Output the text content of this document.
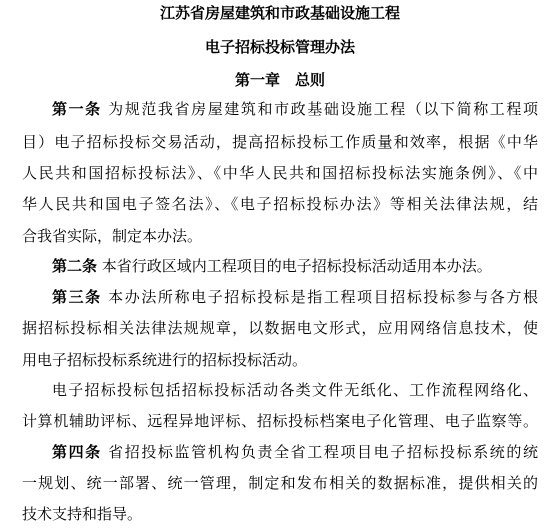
江苏省房屋建筑和市政基础设施工程
电子招标投标管理办法
第一章　总则
第一条 为规范我省房屋建筑和市政基础设施工程（以下简称工程项
目）电子招标投标交易活动，提高招标投标工作质量和效率，根据《中华
人民共和国招标投标法》、《中华人民共和国招标投标法实施条例》、《中
华人民共和国电子签名法》、《电子招标投标办法》等相关法律法规，结
合我省实际，制定本办法。
第二条 本省行政区域内工程项目的电子招标投标活动适用本办法。
第三条 本办法所称电子招标投标是指工程项目招标投标参与各方根
据招标投标相关法律法规规章，以数据电文形式，应用网络信息技术，使
用电子招标投标系统进行的招标投标活动。
电子招标投标包括招标投标活动各类文件无纸化、工作流程网络化、
计算机辅助评标、远程异地评标、招标投标档案电子化管理、电子监察等。
第四条 省招投标监管机构负责全省工程项目电子招标投标系统的统
一规划、统一部署、统一管理，制定和发布相关的数据标准，提供相关的
技术支持和指导。
